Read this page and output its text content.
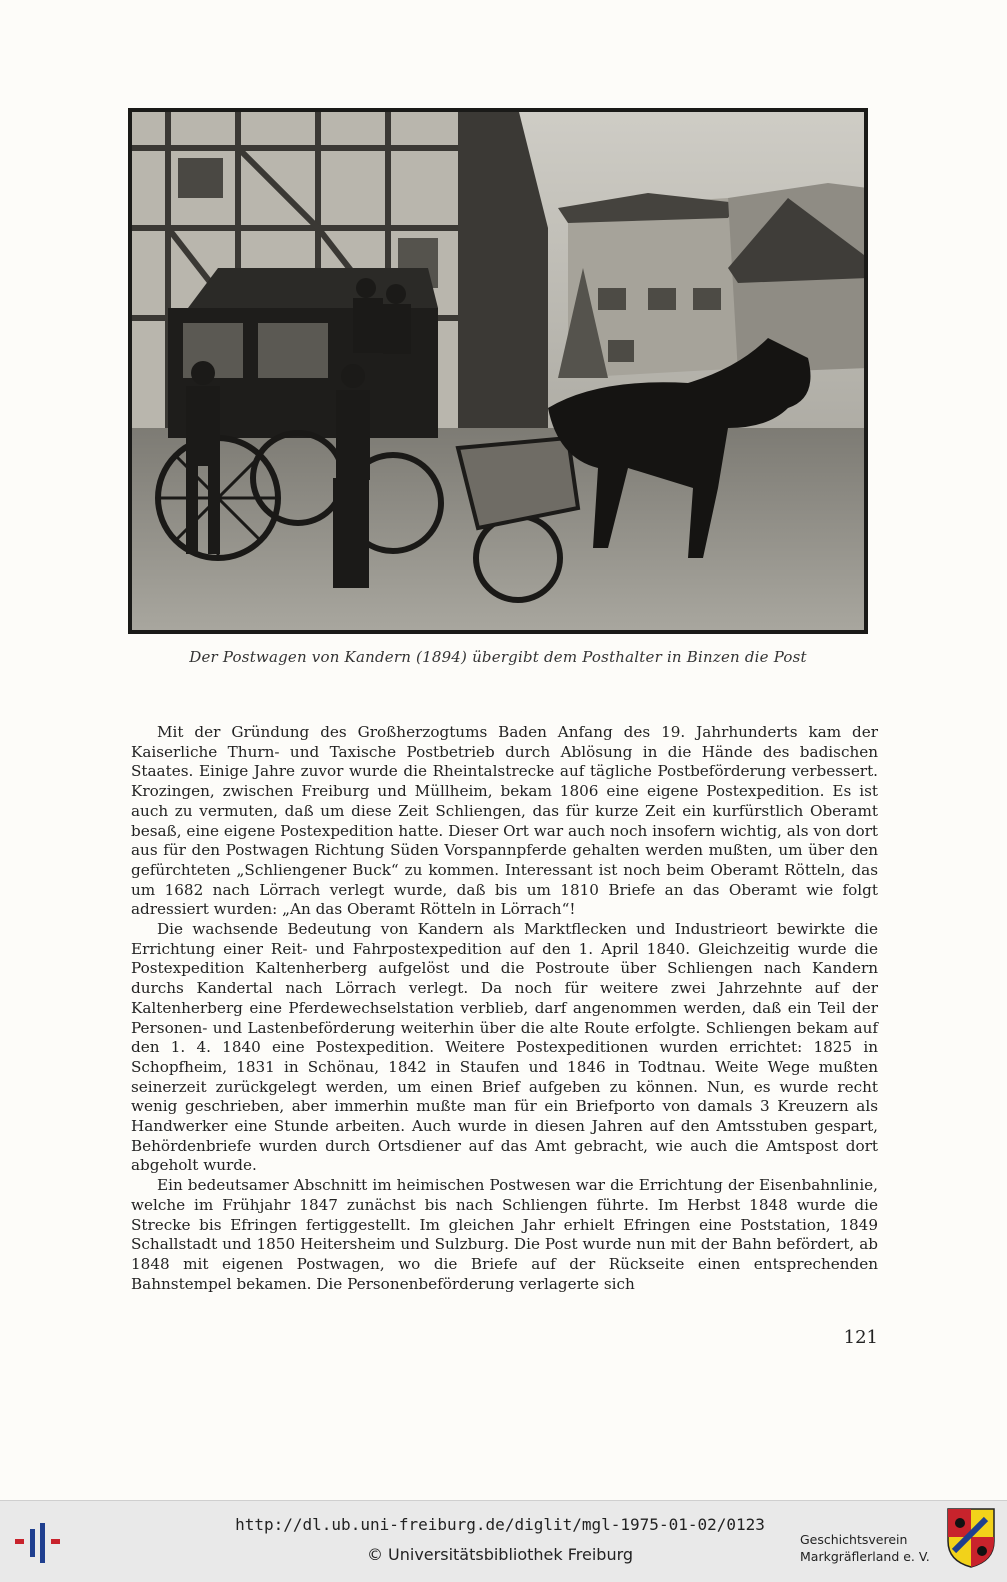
Der Postwagen von Kandern (1894) übergibt dem Posthalter in Binzen die Post

Mit der Gründung des Großherzogtums Baden Anfang des 19. Jahrhunderts kam der Kaiserliche Thurn- und Taxische Postbetrieb durch Ablösung in die Hände des badischen Staates. Einige Jahre zuvor wurde die Rheintalstrecke auf tägliche Postbeförderung verbessert. Krozingen, zwischen Freiburg und Müllheim, bekam 1806 eine eigene Postexpedition. Es ist auch zu vermuten, daß um diese Zeit Schliengen, das für kurze Zeit ein kurfürstlich Oberamt besaß, eine eigene Postexpedition hatte. Dieser Ort war auch noch insofern wichtig, als von dort aus für den Postwagen Richtung Süden Vorspannpferde gehalten werden mußten, um über den gefürchteten „Schliengener Buck“ zu kommen. Interessant ist noch beim Oberamt Rötteln, das um 1682 nach Lörrach verlegt wurde, daß bis um 1810 Briefe an das Oberamt wie folgt adressiert wurden: „An das Oberamt Rötteln in Lörrach“!

Die wachsende Bedeutung von Kandern als Marktflecken und Industrieort bewirkte die Errichtung einer Reit- und Fahrpostexpedition auf den 1. April 1840. Gleichzeitig wurde die Postexpedition Kaltenherberg aufgelöst und die Postroute über Schliengen nach Kandern durchs Kandertal nach Lörrach verlegt. Da noch für weitere zwei Jahrzehnte auf der Kaltenherberg eine Pferdewechselstation verblieb, darf angenommen werden, daß ein Teil der Personen- und Lastenbeförderung weiterhin über die alte Route erfolgte. Schliengen bekam auf den 1. 4. 1840 eine Postexpedition. Weitere Postexpeditionen wurden errichtet: 1825 in Schopfheim, 1831 in Schönau, 1842 in Staufen und 1846 in Todtnau. Weite Wege mußten seinerzeit zurückgelegt werden, um einen Brief aufgeben zu können. Nun, es wurde recht wenig geschrieben, aber immerhin mußte man für ein Briefporto von damals 3 Kreuzern als Handwerker eine Stunde arbeiten. Auch wurde in diesen Jahren auf den Amtsstuben gespart, Behördenbriefe wurden durch Ortsdiener auf das Amt gebracht, wie auch die Amtspost dort abgeholt wurde.

Ein bedeutsamer Abschnitt im heimischen Postwesen war die Errichtung der Eisenbahnlinie, welche im Frühjahr 1847 zunächst bis nach Schliengen führte. Im Herbst 1848 wurde die Strecke bis Efringen fertiggestellt. Im gleichen Jahr erhielt Efringen eine Poststation, 1849 Schallstadt und 1850 Heitersheim und Sulzburg. Die Post wurde nun mit der Bahn befördert, ab 1848 mit eigenen Postwagen, wo die Briefe auf der Rückseite einen entsprechenden Bahnstempel bekamen. Die Personenbeförderung verlagerte sich

121
http://dl.ub.uni-freiburg.de/diglit/mgl-1975-01-02/0123
© Universitätsbibliothek Freiburg
Geschichtsverein
Markgräflerland e. V.
